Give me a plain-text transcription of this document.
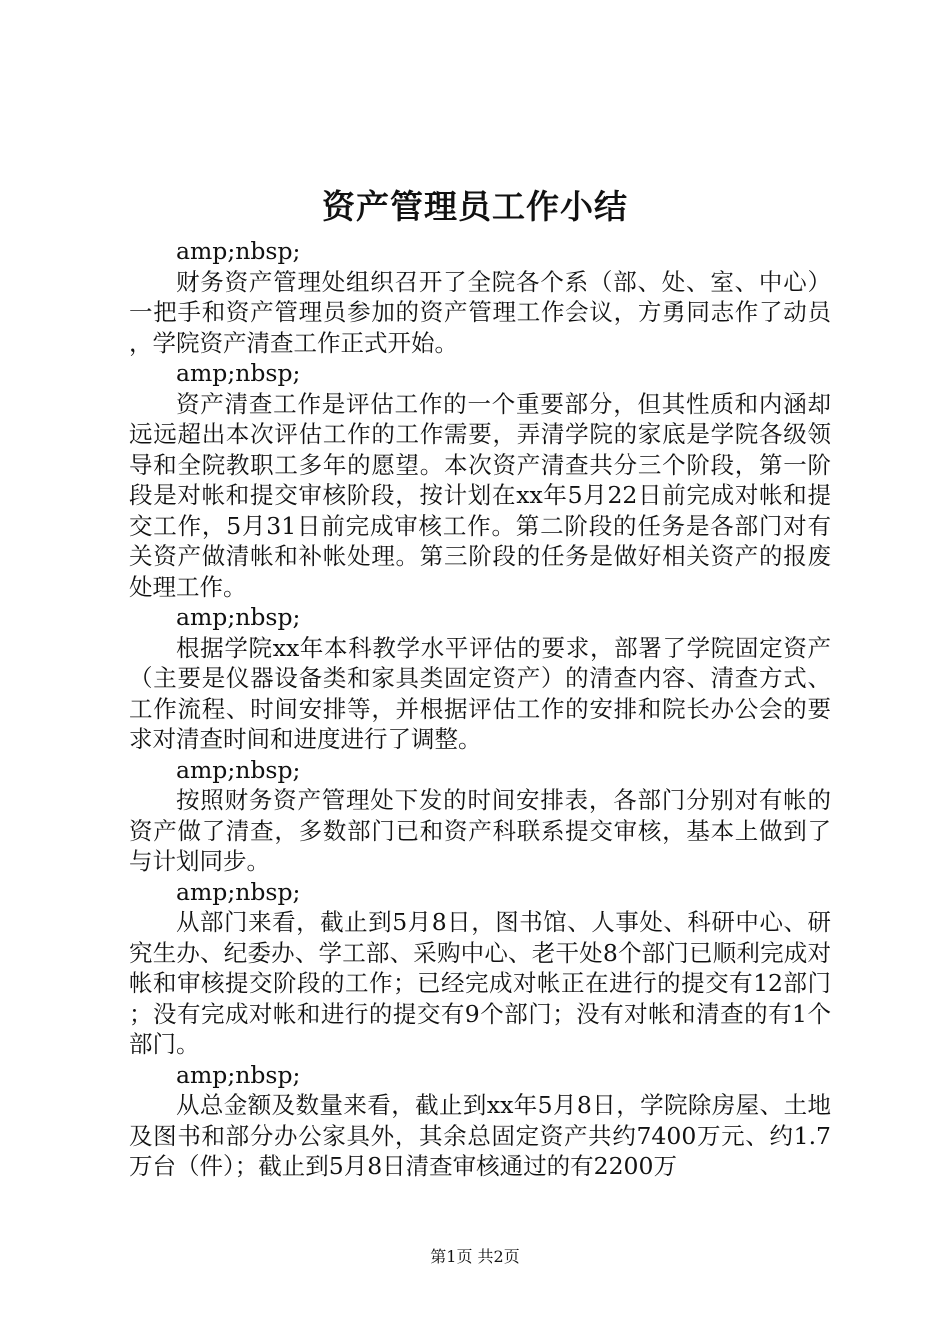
资产管理员工作小结

amp;nbsp;

财务资产管理处组织召开了全院各个系（部、处、室、中心）一把手和资产管理员参加的资产管理工作会议，方勇同志作了动员，学院资产清查工作正式开始。

amp;nbsp;

资产清查工作是评估工作的一个重要部分，但其性质和内涵却远远超出本次评估工作的工作需要，弄清学院的家底是学院各级领导和全院教职工多年的愿望。本次资产清查共分三个阶段，第一阶段是对帐和提交审核阶段，按计划在xx年5月22日前完成对帐和提交工作，5月31日前完成审核工作。第二阶段的任务是各部门对有关资产做清帐和补帐处理。第三阶段的任务是做好相关资产的报废处理工作。

amp;nbsp;

根据学院xx年本科教学水平评估的要求，部署了学院固定资产（主要是仪器设备类和家具类固定资产）的清查内容、清查方式、工作流程、时间安排等，并根据评估工作的安排和院长办公会的要求对清查时间和进度进行了调整。

amp;nbsp;

按照财务资产管理处下发的时间安排表，各部门分别对有帐的资产做了清查，多数部门已和资产科联系提交审核，基本上做到了与计划同步。

amp;nbsp;

从部门来看，截止到5月8日，图书馆、人事处、科研中心、研究生办、纪委办、学工部、采购中心、老干处8个部门已顺利完成对帐和审核提交阶段的工作；已经完成对帐正在进行的提交有12部门；没有完成对帐和进行的提交有9个部门；没有对帐和清查的有1个部门。

amp;nbsp;

从总金额及数量来看，截止到xx年5月8日，学院除房屋、土地及图书和部分办公家具外，其余总固定资产共约7400万元、约1.7万台（件）；截止到5月8日清查审核通过的有2200万

第1页 共2页
